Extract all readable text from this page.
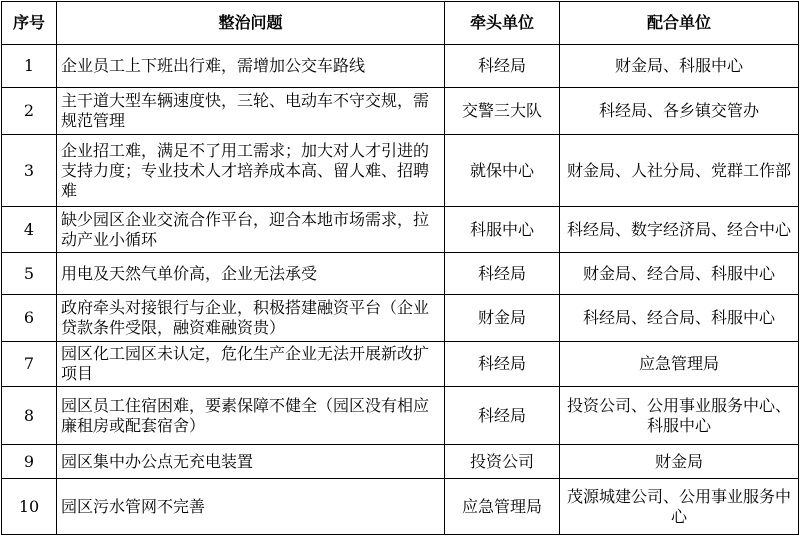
序号	整治问题	牵头单位	配合单位
1	企业员工上下班出行难，需增加公交车路线	科经局	财金局、科服中心
2	主干道大型车辆速度快，三轮、电动车不守交规，需规范管理	交警三大队	科经局、各乡镇交管办
3	企业招工难，满足不了用工需求；加大对人才引进的支持力度；专业技术人才培养成本高、留人难、招聘难	就保中心	财金局、人社分局、党群工作部
4	缺少园区企业交流合作平台，迎合本地市场需求，拉动产业小循环	科服中心	科经局、数字经济局、经合中心
5	用电及天然气单价高，企业无法承受	科经局	财金局、经合局、科服中心
6	政府牵头对接银行与企业，积极搭建融资平台（企业贷款条件受限，融资难融资贵）	财金局	科经局、经合局、科服中心
7	园区化工园区未认定，危化生产企业无法开展新改扩项目	科经局	应急管理局
8	园区员工住宿困难，要素保障不健全（园区没有相应廉租房或配套宿舍）	科经局	投资公司、公用事业服务中心、科服中心
9	园区集中办公点无充电装置	投资公司	财金局
10	园区污水管网不完善	应急管理局	茂源城建公司、公用事业服务中心
